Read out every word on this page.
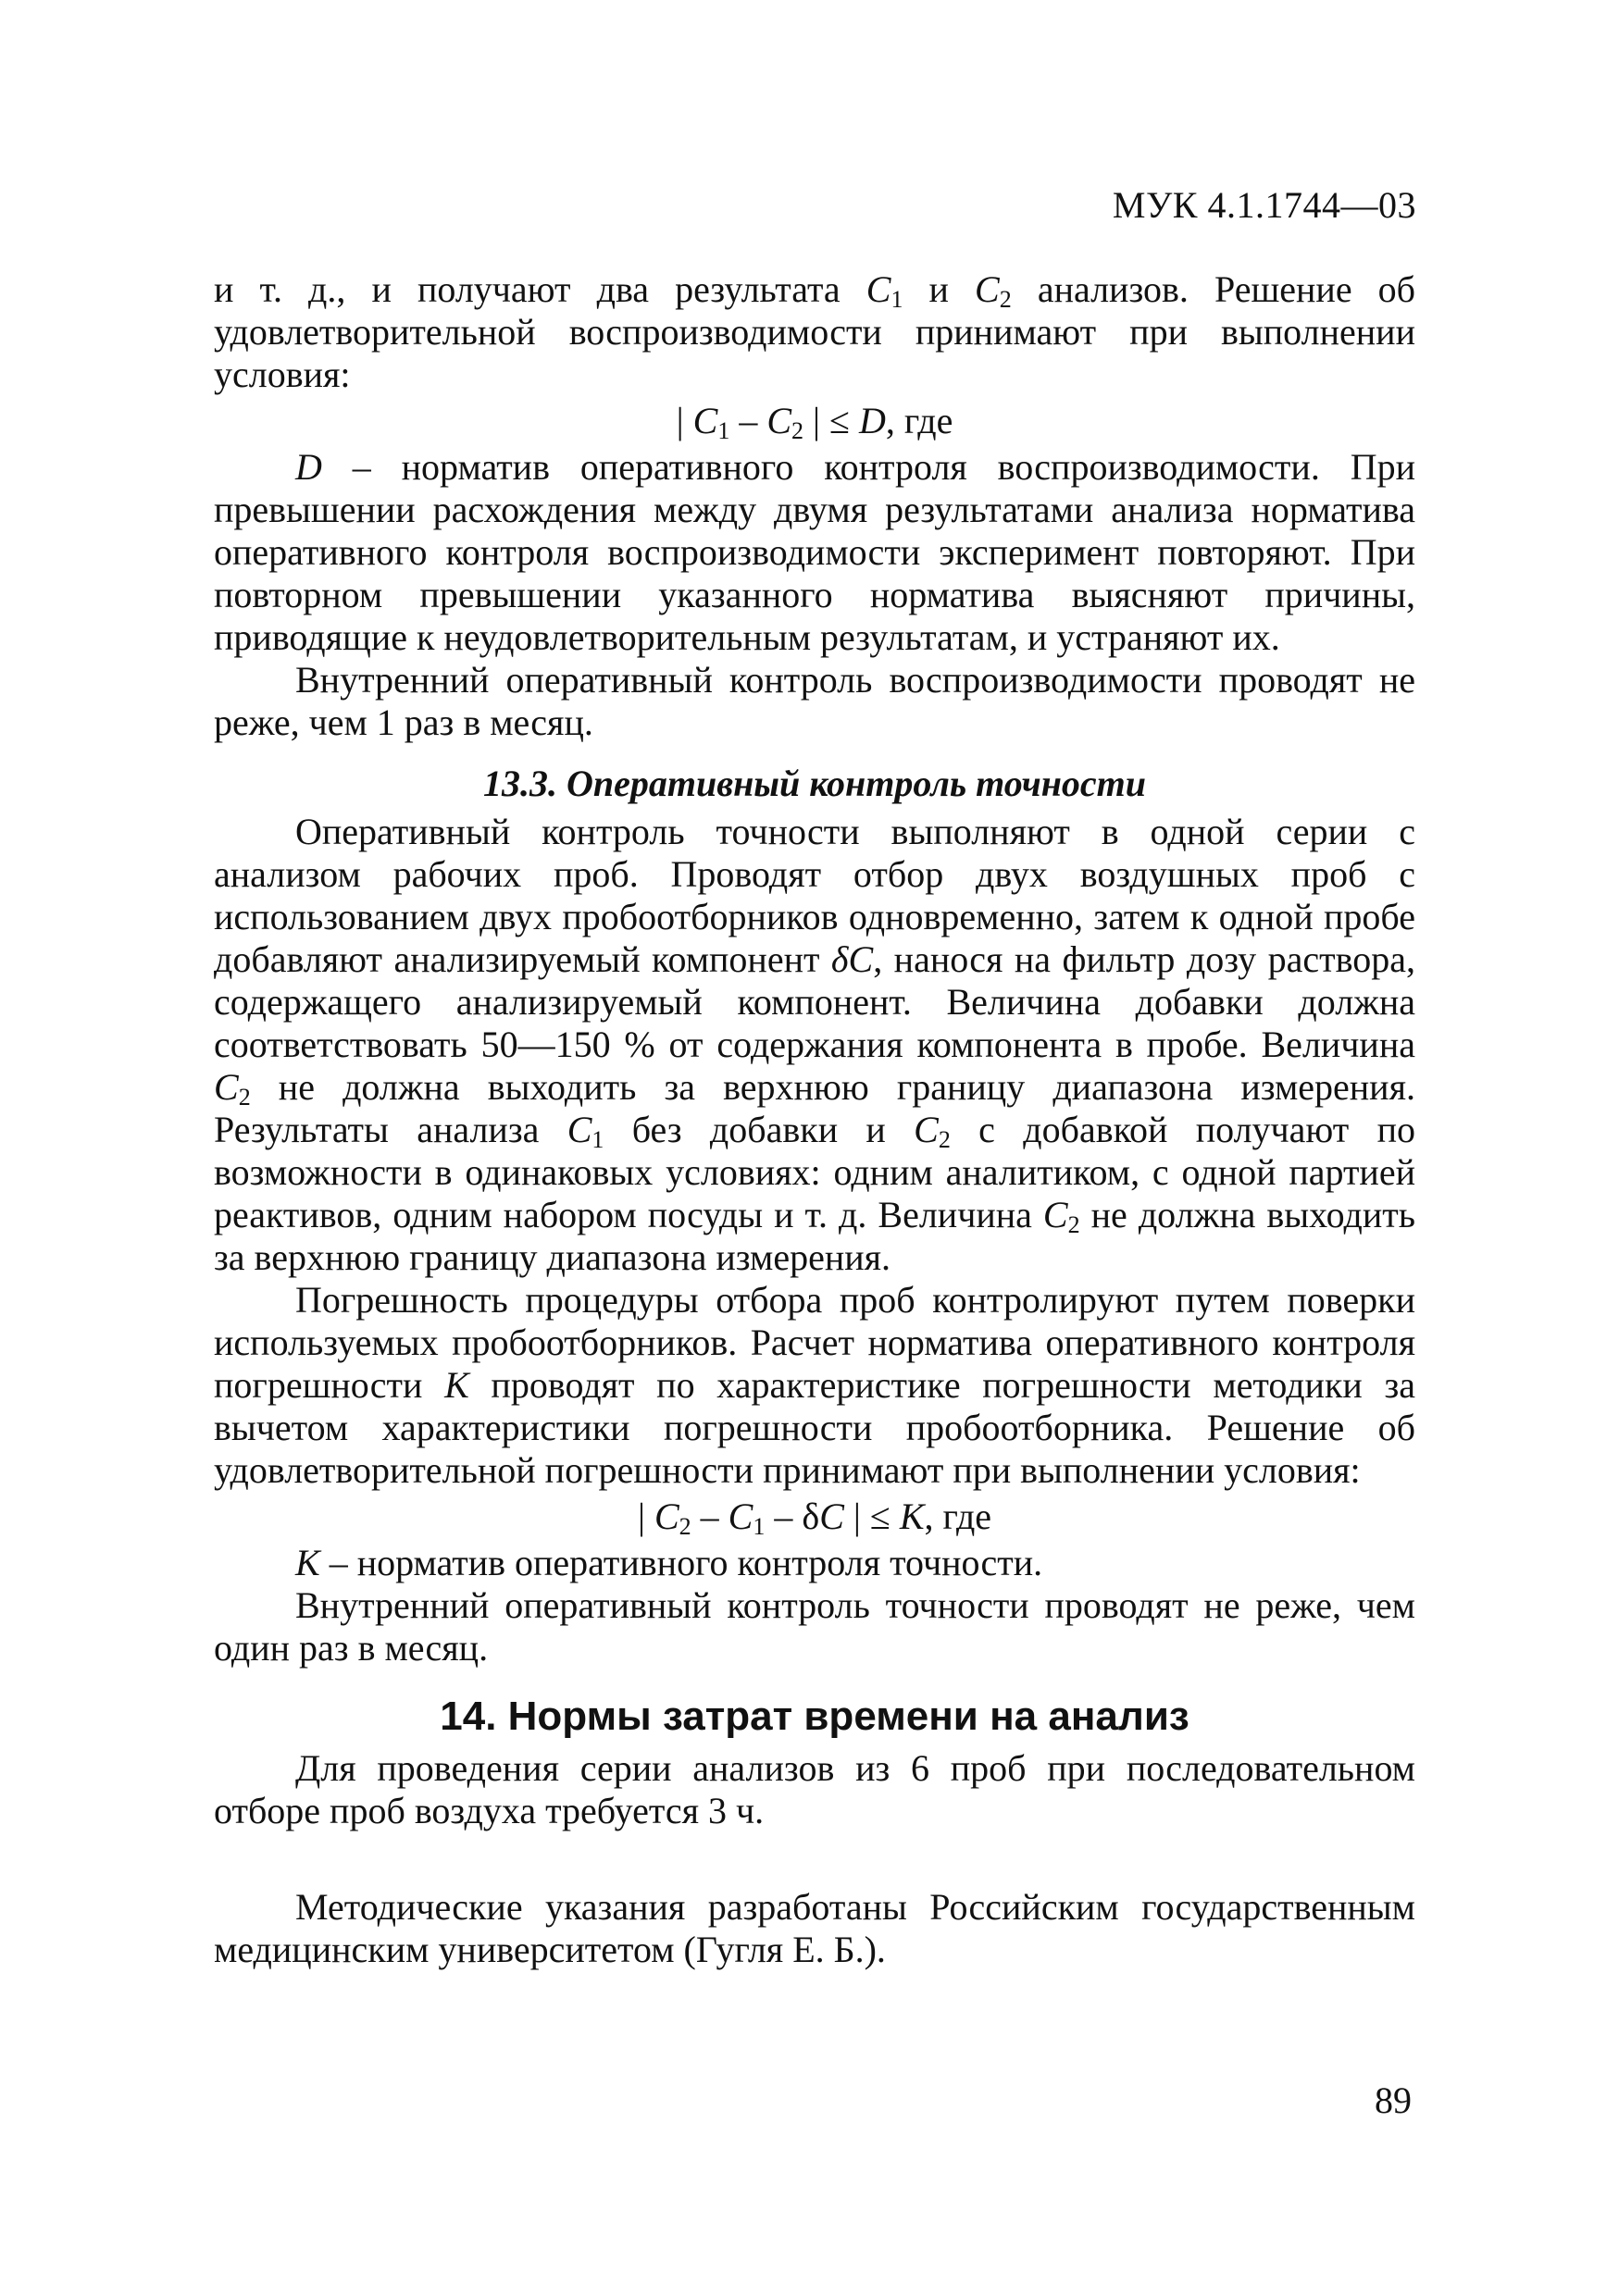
МУК 4.1.1744—03

и т. д., и получают два результата $C_1$ и $C_2$ анализов. Решение об удовлетворительной воспроизводимости принимают при выполнении условия:

| $C_1 - C_2$ | ≤ D, где

D – норматив оперативного контроля воспроизводимости. При превышении расхождения между двумя результатами анализа норматива оперативного контроля воспроизводимости эксперимент повторяют. При повторном превышении указанного норматива выясняют причины, приводящие к неудовлетворительным результатам, и устраняют их.

Внутренний оперативный контроль воспроизводимости проводят не реже, чем 1 раз в месяц.

13.3. Оперативный контроль точности

Оперативный контроль точности выполняют в одной серии с анализом рабочих проб. Проводят отбор двух воздушных проб с использованием двух пробоотборников одновременно, затем к одной пробе добавляют анализируемый компонент δC, нанося на фильтр дозу раствора, содержащего анализируемый компонент. Величина добавки должна соответствовать 50—150 % от содержания компонента в пробе. Величина $C_2$ не должна выходить за верхнюю границу диапазона измерения. Результаты анализа $C_1$ без добавки и $C_2$ с добавкой получают по возможности в одинаковых условиях: одним аналитиком, с одной партией реактивов, одним набором посуды и т. д. Величина $C_2$ не должна выходить за верхнюю границу диапазона измерения.

Погрешность процедуры отбора проб контролируют путем поверки используемых пробоотборников. Расчет норматива оперативного контроля погрешности K проводят по характеристике погрешности методики за вычетом характеристики погрешности пробоотборника. Решение об удовлетворительной погрешности принимают при выполнении условия:

| $C_2 - C_1$ – δC | ≤ K, где

K – норматив оперативного контроля точности.

Внутренний оперативный контроль точности проводят не реже, чем один раз в месяц.

14. Нормы затрат времени на анализ

Для проведения серии анализов из 6 проб при последовательном отборе проб воздуха требуется 3 ч.

Методические указания разработаны Российским государственным медицинским университетом (Гугля Е. Б.).

89
